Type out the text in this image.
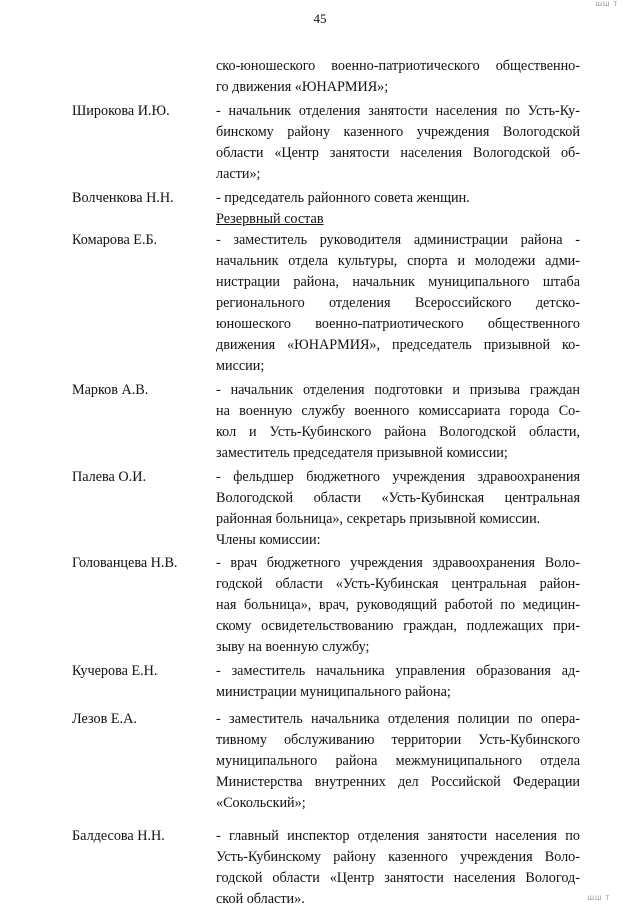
ШШ Т
45
ско-юношеского военно-патриотического общественно-
го движения «ЮНАРМИЯ»;
Широкова И.Ю.	- начальник отделения занятости населения по Усть-Ку-
бинскому району казенного учреждения Вологодской
области «Центр занятости населения Вологодской об-
ласти»;
Волченкова Н.Н.	- председатель районного совета женщин.
Резервный состав
Комарова Е.Б.	- заместитель руководителя администрации района -
начальник отдела культуры, спорта и молодежи адми-
нистрации района, начальник муниципального штаба
регионального отделения Всероссийского детско-
юношеского военно-патриотического общественного
движения «ЮНАРМИЯ», председатель призывной ко-
миссии;
Марков А.В.	- начальник отделения подготовки и призыва граждан
на военную службу военного комиссариата города Со-
кол и Усть-Кубинского района Вологодской области,
заместитель председателя призывной комиссии;
Палева О.И.	- фельдшер бюджетного учреждения здравоохранения
Вологодской области «Усть-Кубинская центральная
районная больница», секретарь призывной комиссии.
Члены комиссии:
Голованцева Н.В.	- врач бюджетного учреждения здравоохранения Воло-
годской области «Усть-Кубинская центральная район-
ная больница», врач, руководящий работой по медицин-
скому освидетельствованию граждан, подлежащих при-
зыву на военную службу;
Кучерова Е.Н.	- заместитель начальника управления образования ад-
министрации муниципального района;
Лезов Е.А.	- заместитель начальника отделения полиции по опера-
тивному обслуживанию территории Усть-Кубинского
муниципального района межмуниципального отдела
Министерства внутренних дел Российской Федерации
«Сокольский»;
Балдесова Н.Н.	- главный инспектор отделения занятости населения по
Усть-Кубинскому району казенного учреждения Воло-
годской области «Центр занятости населения Вологод-
ской области».	ШШ Т
